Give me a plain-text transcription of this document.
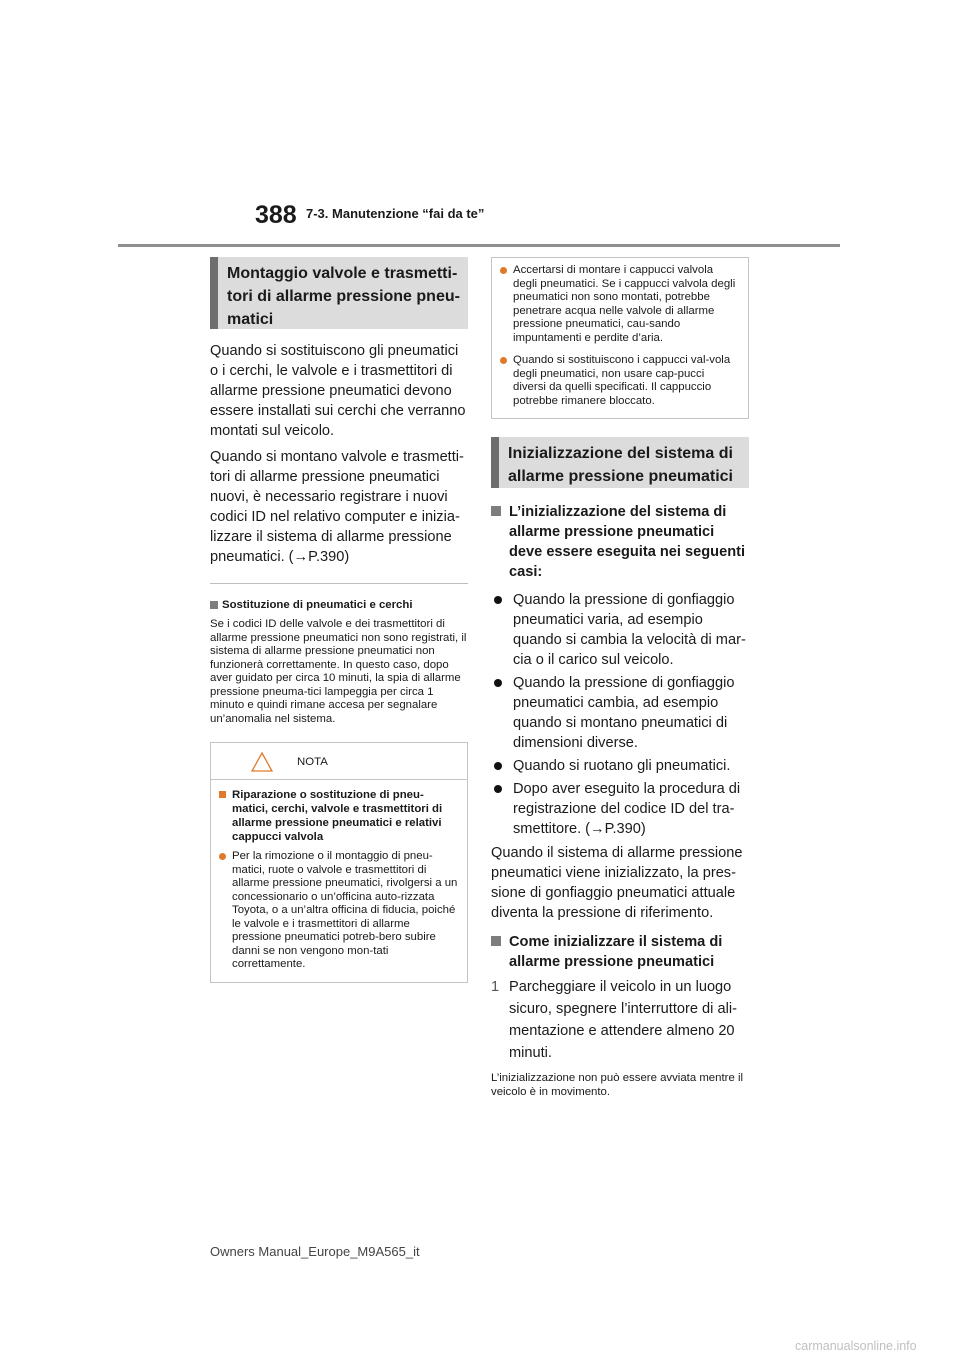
388 7-3. Manutenzione “fai da te”
Montaggio valvole e trasmetti-tori di allarme pressione pneu-matici
Quando si sostituiscono gli pneumatici o i cerchi, le valvole e i trasmettitori di allarme pressione pneumatici devono essere installati sui cerchi che verranno montati sul veicolo.
Quando si montano valvole e trasmetti-tori di allarme pressione pneumatici nuovi, è necessario registrare i nuovi codici ID nel relativo computer e inizia-lizzare il sistema di allarme pressione pneumatici. (→P.390)
Sostituzione di pneumatici e cerchi
Se i codici ID delle valvole e dei trasmettitori di allarme pressione pneumatici non sono registrati, il sistema di allarme pressione pneumatici non funzionerà correttamente. In questo caso, dopo aver guidato per circa 10 minuti, la spia di allarme pressione pneuma-tici lampeggia per circa 1 minuto e quindi rimane accesa per segnalare un’anomalia nel sistema.
NOTA
Riparazione o sostituzione di pneu-matici, cerchi, valvole e trasmettitori di allarme pressione pneumatici e relativi cappucci valvola
Per la rimozione o il montaggio di pneu-matici, ruote o valvole e trasmettitori di allarme pressione pneumatici, rivolgersi a un concessionario o un’officina auto-rizzata Toyota, o a un’altra officina di fiducia, poiché le valvole e i trasmettitori di allarme pressione pneumatici potreb-bero subire danni se non vengono mon-tati correttamente.
Accertarsi di montare i cappucci valvola degli pneumatici. Se i cappucci valvola degli pneumatici non sono montati, potrebbe penetrare acqua nelle valvole di allarme pressione pneumatici, cau-sando impuntamenti e perdite d’aria.
Quando si sostituiscono i cappucci val-vola degli pneumatici, non usare cap-pucci diversi da quelli specificati. Il cappuccio potrebbe rimanere bloccato.
Inizializzazione del sistema di allarme pressione pneumatici
L’inizializzazione del sistema di allarme pressione pneumatici deve essere eseguita nei seguenti casi:
Quando la pressione di gonfiaggio pneumatici varia, ad esempio quando si cambia la velocità di mar-cia o il carico sul veicolo.
Quando la pressione di gonfiaggio pneumatici cambia, ad esempio quando si montano pneumatici di dimensioni diverse.
Quando si ruotano gli pneumatici.
Dopo aver eseguito la procedura di registrazione del codice ID del tra-smettitore. (→P.390)
Quando il sistema di allarme pressione pneumatici viene inizializzato, la pres-sione di gonfiaggio pneumatici attuale diventa la pressione di riferimento.
Come inizializzare il sistema di allarme pressione pneumatici
1 Parcheggiare il veicolo in un luogo sicuro, spegnere l’interruttore di ali-mentazione e attendere almeno 20 minuti.
L’inizializzazione non può essere avviata mentre il veicolo è in movimento.
Owners Manual_Europe_M9A565_it
carmanualsonline.info
